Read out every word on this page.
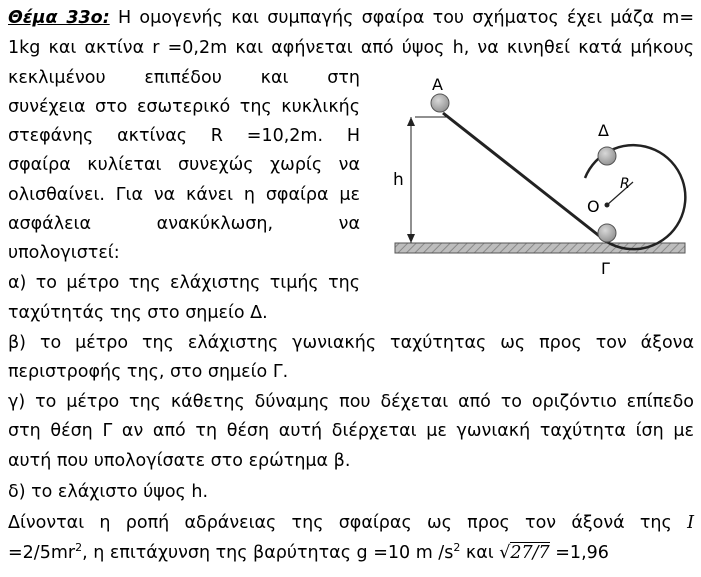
Θέμα 33ο: Η ομογενής και συμπαγής σφαίρα του σχήματος έχει μάζα m=
1kg και ακτίνα r =0,2m και αφήνεται από ύψος h, να κινηθεί κατά μήκους
κεκλιμένου επιπέδου και στη
συνέχεια στο εσωτερικό της κυκλικής
στεφάνης ακτίνας R =10,2m. Η
σφαίρα κυλίεται συνεχώς χωρίς να
ολισθαίνει. Για να κάνει η σφαίρα με
ασφάλεια ανακύκλωση, να
υπολογιστεί:
α) το μέτρο της ελάχιστης τιμής της
ταχύτητάς της στο σημείο Δ.
β) το μέτρο της ελάχιστης γωνιακής ταχύτητας ως προς τον άξονα
περιστροφής της, στο σημείο Γ.
γ) το μέτρο της κάθετης δύναμης που δέχεται από το οριζόντιο επίπεδο
στη θέση Γ αν από τη θέση αυτή διέρχεται με γωνιακή ταχύτητα ίση με
αυτή που υπολογίσατε στο ερώτημα β.
δ) το ελάχιστο ύψος h.
Δίνονται η ροπή αδράνειας της σφαίρας ως προς τον άξονά της I
$=2/5mr^2$, η επιτάχυνση της βαρύτητας g =10 m $/s^2$ και √27/7 =1,96
h
A
Δ
O
R
Γ
